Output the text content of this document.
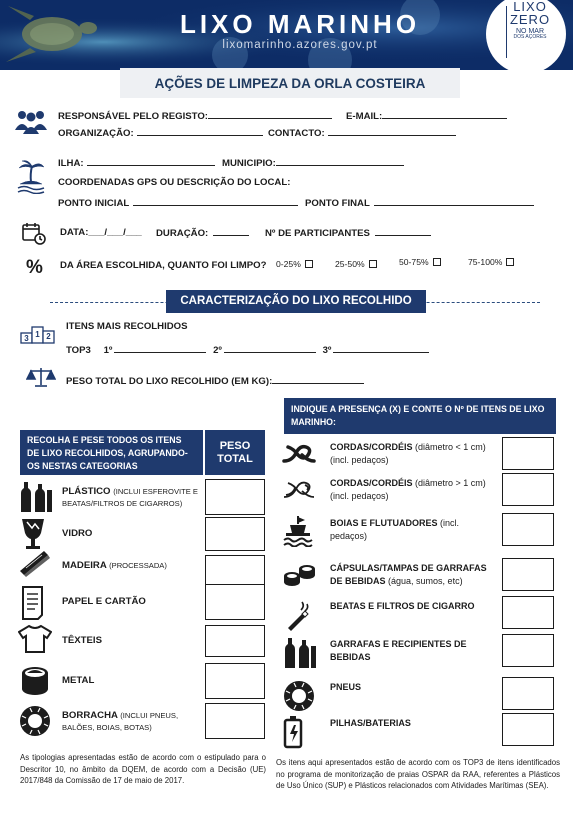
LIXO MARINHO
lixomarinho.azores.gov.pt
LIXO
ZERO
NO MAR
DOS AÇORES
AÇÕES DE LIMPEZA DA ORLA COSTEIRA
RESPONSÁVEL PELO REGISTO:	E-MAIL:
ORGANIZAÇÃO:	CONTACTO:
ILHA:	MUNICIPIO:
COORDENADAS GPS OU DESCRIÇÃO DO LOCAL:
PONTO INICIAL	PONTO FINAL
DATA:___/___/___ DURAÇÃO:	Nº DE PARTICIPANTES
% DA ÁREA ESCOLHIDA, QUANTO FOI LIMPO? 0-25%	25-50%	50-75%	75-100%
CARACTERIZAÇÃO DO LIXO RECOLHIDO
3 1 2
ITENS MAIS RECOLHIDOS
TOP3 1º	2º	3º
PESO TOTAL DO LIXO RECOLHIDO (EM KG):
RECOLHA E PESE TODOS OS ITENS DE LIXO RECOLHIDOS, AGRUPANDO-OS NESTAS CATEGORIAS
PESO TOTAL
PLÁSTICO (INCLUI ESFEROVITE E BEATAS/FILTROS DE CIGARROS)
VIDRO
MADEIRA (PROCESSADA)
PAPEL E CARTÃO
TÊXTEIS
METAL
BORRACHA (INCLUI PNEUS, BALÕES, BOIAS, BOTAS)
As tipologias apresentadas estão de acordo com o estipulado para o Descritor 10, no âmbito da DQEM, de acordo com a Decisão (UE) 2017/848 da Comissão de 17 de maio de 2017.
INDIQUE A PRESENÇA (X) E CONTE O Nº DE ITENS DE LIXO MARINHO:
CORDAS/CORDÉIS (diâmetro < 1 cm) (incl. pedaços)
CORDAS/CORDÉIS (diâmetro > 1 cm) (incl. pedaços)
BOIAS E FLUTUADORES (incl. pedaços)
CÁPSULAS/TAMPAS DE GARRAFAS DE BEBIDAS (água, sumos, etc)
BEATAS E FILTROS DE CIGARRO
GARRAFAS E RECIPIENTES DE BEBIDAS
PNEUS
PILHAS/BATERIAS
Os itens aqui apresentados estão de acordo com os TOP3 de itens identificados no programa de monitorização de praias OSPAR da RAA, referentes a Plásticos de Uso Único (SUP) e Plásticos relacionados com Atividades Marítimas (SEA).
